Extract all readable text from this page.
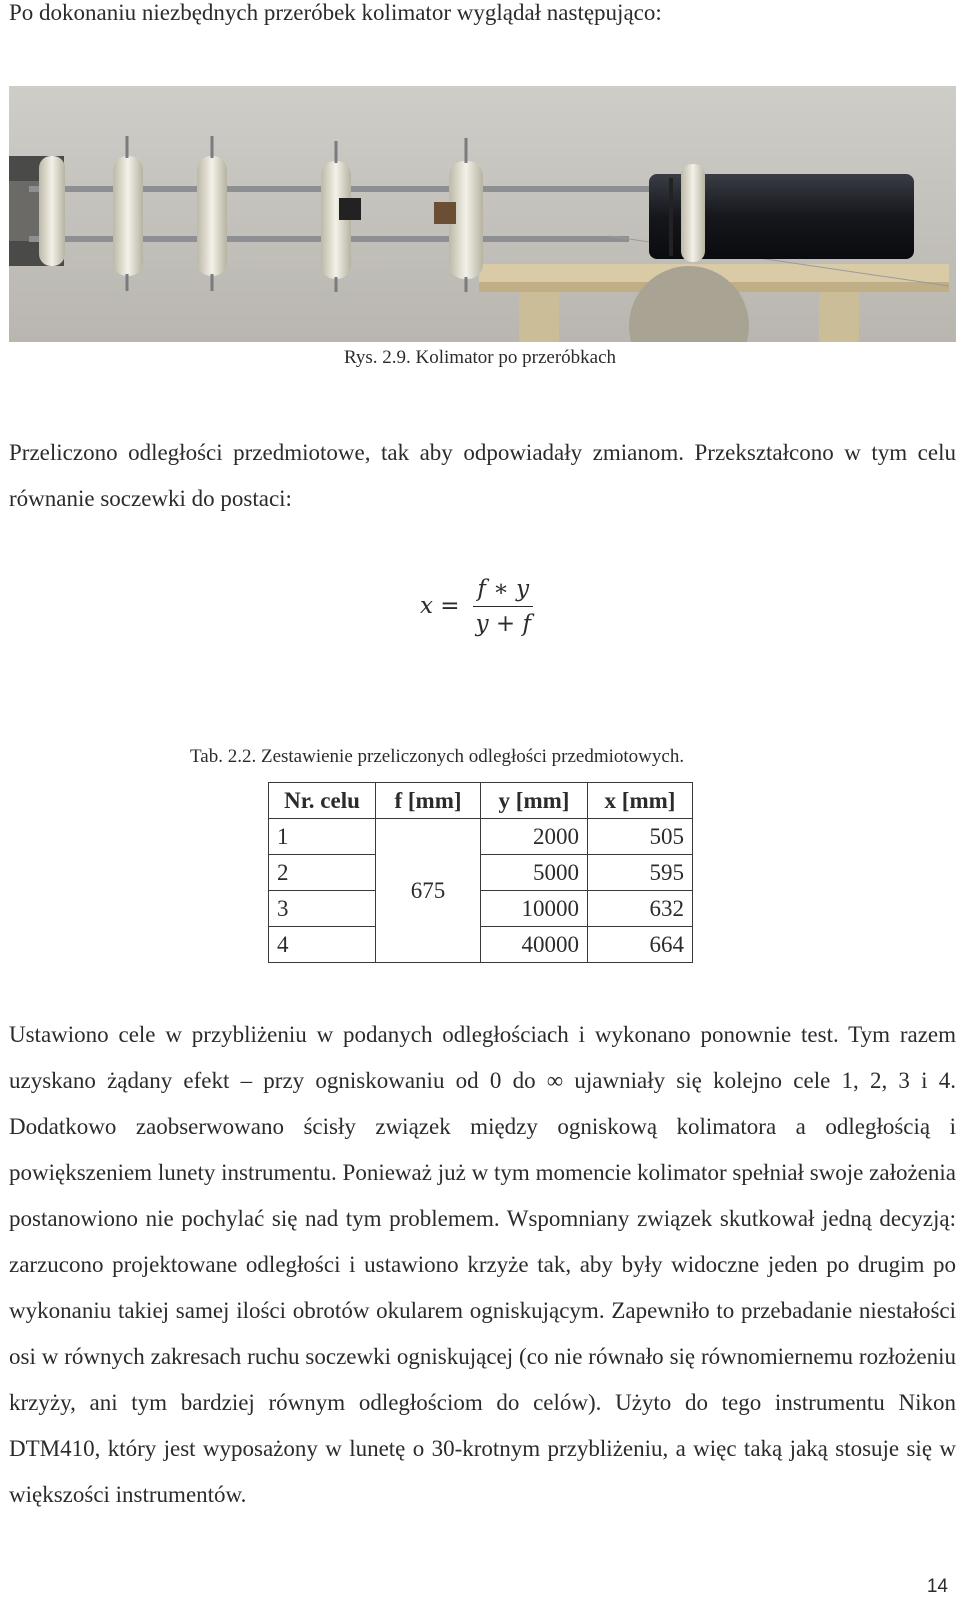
Po dokonaniu niezbędnych przeróbek kolimator wyglądał następująco:

Rys. 2.9. Kolimator po przeróbkach

Przeliczono odległości przedmiotowe, tak aby odpowiadały zmianom. Przekształcono w tym celu równanie soczewki do postaci:

$x = \frac{f ∗ y}{y + f}$

Tab. 2.2. Zestawienie przeliczonych odległości przedmiotowych.

Nr. celu	f [mm]	y [mm]	x [mm]
1	675	2000	505
2		5000	595
3		10000	632
4		40000	664

Ustawiono cele w przybliżeniu w podanych odległościach i wykonano ponownie test. Tym razem uzyskano żądany efekt – przy ogniskowaniu od 0 do ∞ ujawniały się kolejno cele 1, 2, 3 i 4. Dodatkowo zaobserwowano ścisły związek między ogniskową kolimatora a odległością i powiększeniem lunety instrumentu. Ponieważ już w tym momencie kolimator spełniał swoje założenia postanowiono nie pochylać się nad tym problemem. Wspomniany związek skutkował jedną decyzją: zarzucono projektowane odległości i ustawiono krzyże tak, aby były widoczne jeden po drugim po wykonaniu takiej samej ilości obrotów okularem ogniskującym. Zapewniło to przebadanie niestałości osi w równych zakresach ruchu soczewki ogniskującej (co nie równało się równomiernemu rozłożeniu krzyży, ani tym bardziej równym odległościom do celów). Użyto do tego instrumentu Nikon DTM410, który jest wyposażony w lunetę o 30-krotnym przybliżeniu, a więc taką jaką stosuje się w większości instrumentów.

14
